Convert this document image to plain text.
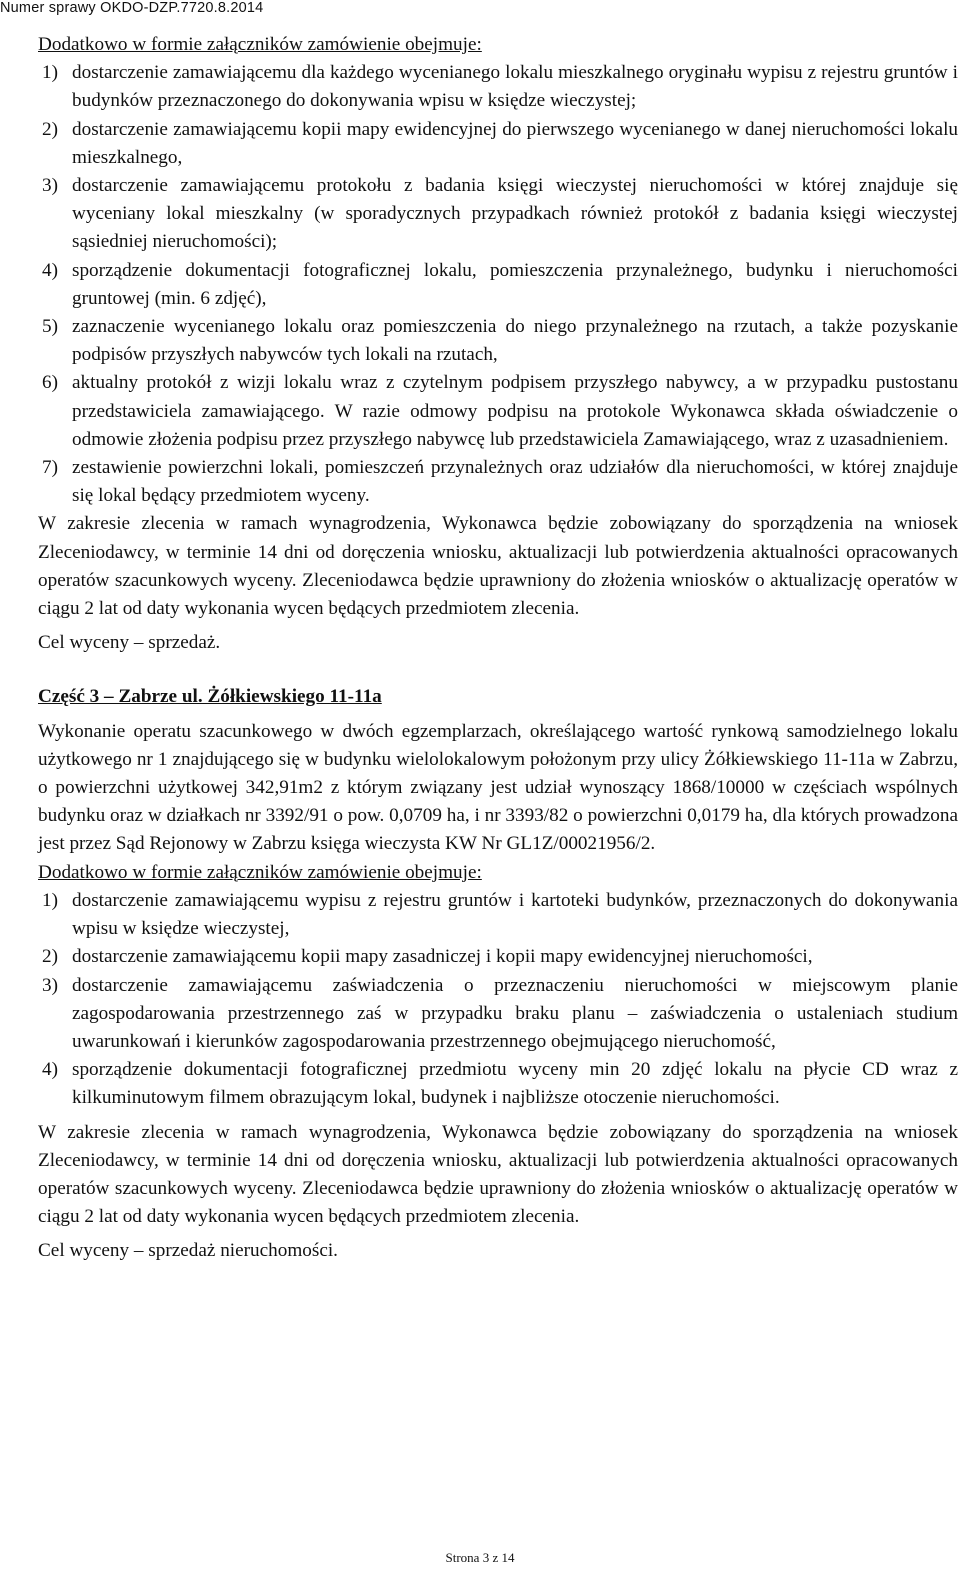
Numer sprawy OKDO-DZP.7720.8.2014

Dodatkowo w formie załączników zamówienie obejmuje:

1) dostarczenie zamawiającemu dla każdego wycenianego lokalu mieszkalnego oryginału wypisu z rejestru gruntów i budynków przeznaczonego do dokonywania wpisu w księdze wieczystej;
2) dostarczenie zamawiającemu kopii mapy ewidencyjnej do pierwszego wycenianego w danej nieruchomości lokalu mieszkalnego,
3) dostarczenie zamawiającemu protokołu z badania księgi wieczystej nieruchomości w której znajduje się wyceniany lokal mieszkalny (w sporadycznych przypadkach również protokół z badania księgi wieczystej sąsiedniej nieruchomości);
4) sporządzenie dokumentacji fotograficznej lokalu, pomieszczenia przynależnego, budynku i nieruchomości gruntowej (min. 6 zdjęć),
5) zaznaczenie wycenianego lokalu oraz pomieszczenia do niego przynależnego na rzutach, a także pozyskanie podpisów przyszłych nabywców tych lokali na rzutach,
6) aktualny protokół z wizji lokalu wraz z czytelnym podpisem przyszłego nabywcy, a w przypadku pustostanu przedstawiciela zamawiającego. W razie odmowy podpisu na protokole Wykonawca składa oświadczenie o odmowie złożenia podpisu przez przyszłego nabywcę lub przedstawiciela Zamawiającego, wraz z uzasadnieniem.
7) zestawienie powierzchni lokali, pomieszczeń przynależnych oraz udziałów dla nieruchomości, w której znajduje się lokal będący przedmiotem wyceny.

W zakresie zlecenia w ramach wynagrodzenia, Wykonawca będzie zobowiązany do sporządzenia na wniosek Zleceniodawcy, w terminie 14 dni od doręczenia wniosku, aktualizacji lub potwierdzenia aktualności opracowanych operatów szacunkowych wyceny. Zleceniodawca będzie uprawniony do złożenia wniosków o aktualizację operatów w ciągu 2 lat od daty wykonania wycen będących przedmiotem zlecenia.

Cel wyceny – sprzedaż.

Część 3 – Zabrze ul. Żółkiewskiego 11-11a

Wykonanie operatu szacunkowego w dwóch egzemplarzach, określającego wartość rynkową samodzielnego lokalu użytkowego nr 1 znajdującego się w budynku wielolokalowym położonym przy ulicy Żółkiewskiego 11-11a w Zabrzu, o powierzchni użytkowej 342,91m2 z którym związany jest udział wynoszący 1868/10000 w częściach wspólnych budynku oraz w działkach nr 3392/91 o pow. 0,0709 ha, i nr 3393/82 o powierzchni 0,0179 ha, dla których prowadzona jest przez Sąd Rejonowy w Zabrzu księga wieczysta KW Nr GL1Z/00021956/2.

Dodatkowo w formie załączników zamówienie obejmuje:

1) dostarczenie zamawiającemu wypisu z rejestru gruntów i kartoteki budynków, przeznaczonych do dokonywania wpisu w księdze wieczystej,
2) dostarczenie zamawiającemu kopii mapy zasadniczej i kopii mapy ewidencyjnej nieruchomości,
3) dostarczenie zamawiającemu zaświadczenia o przeznaczeniu nieruchomości w miejscowym planie zagospodarowania przestrzennego zaś w przypadku braku planu – zaświadczenia o ustaleniach studium uwarunkowań i kierunków zagospodarowania przestrzennego obejmującego nieruchomość,
4) sporządzenie dokumentacji fotograficznej przedmiotu wyceny min 20 zdjęć lokalu na płycie CD wraz z kilkuminutowym filmem obrazującym lokal, budynek i najbliższe otoczenie nieruchomości.

W zakresie zlecenia w ramach wynagrodzenia, Wykonawca będzie zobowiązany do sporządzenia na wniosek Zleceniodawcy, w terminie 14 dni od doręczenia wniosku, aktualizacji lub potwierdzenia aktualności opracowanych operatów szacunkowych wyceny. Zleceniodawca będzie uprawniony do złożenia wniosków o aktualizację operatów w ciągu 2 lat od daty wykonania wycen będących przedmiotem zlecenia.

Cel wyceny – sprzedaż nieruchomości.

Strona 3 z 14
